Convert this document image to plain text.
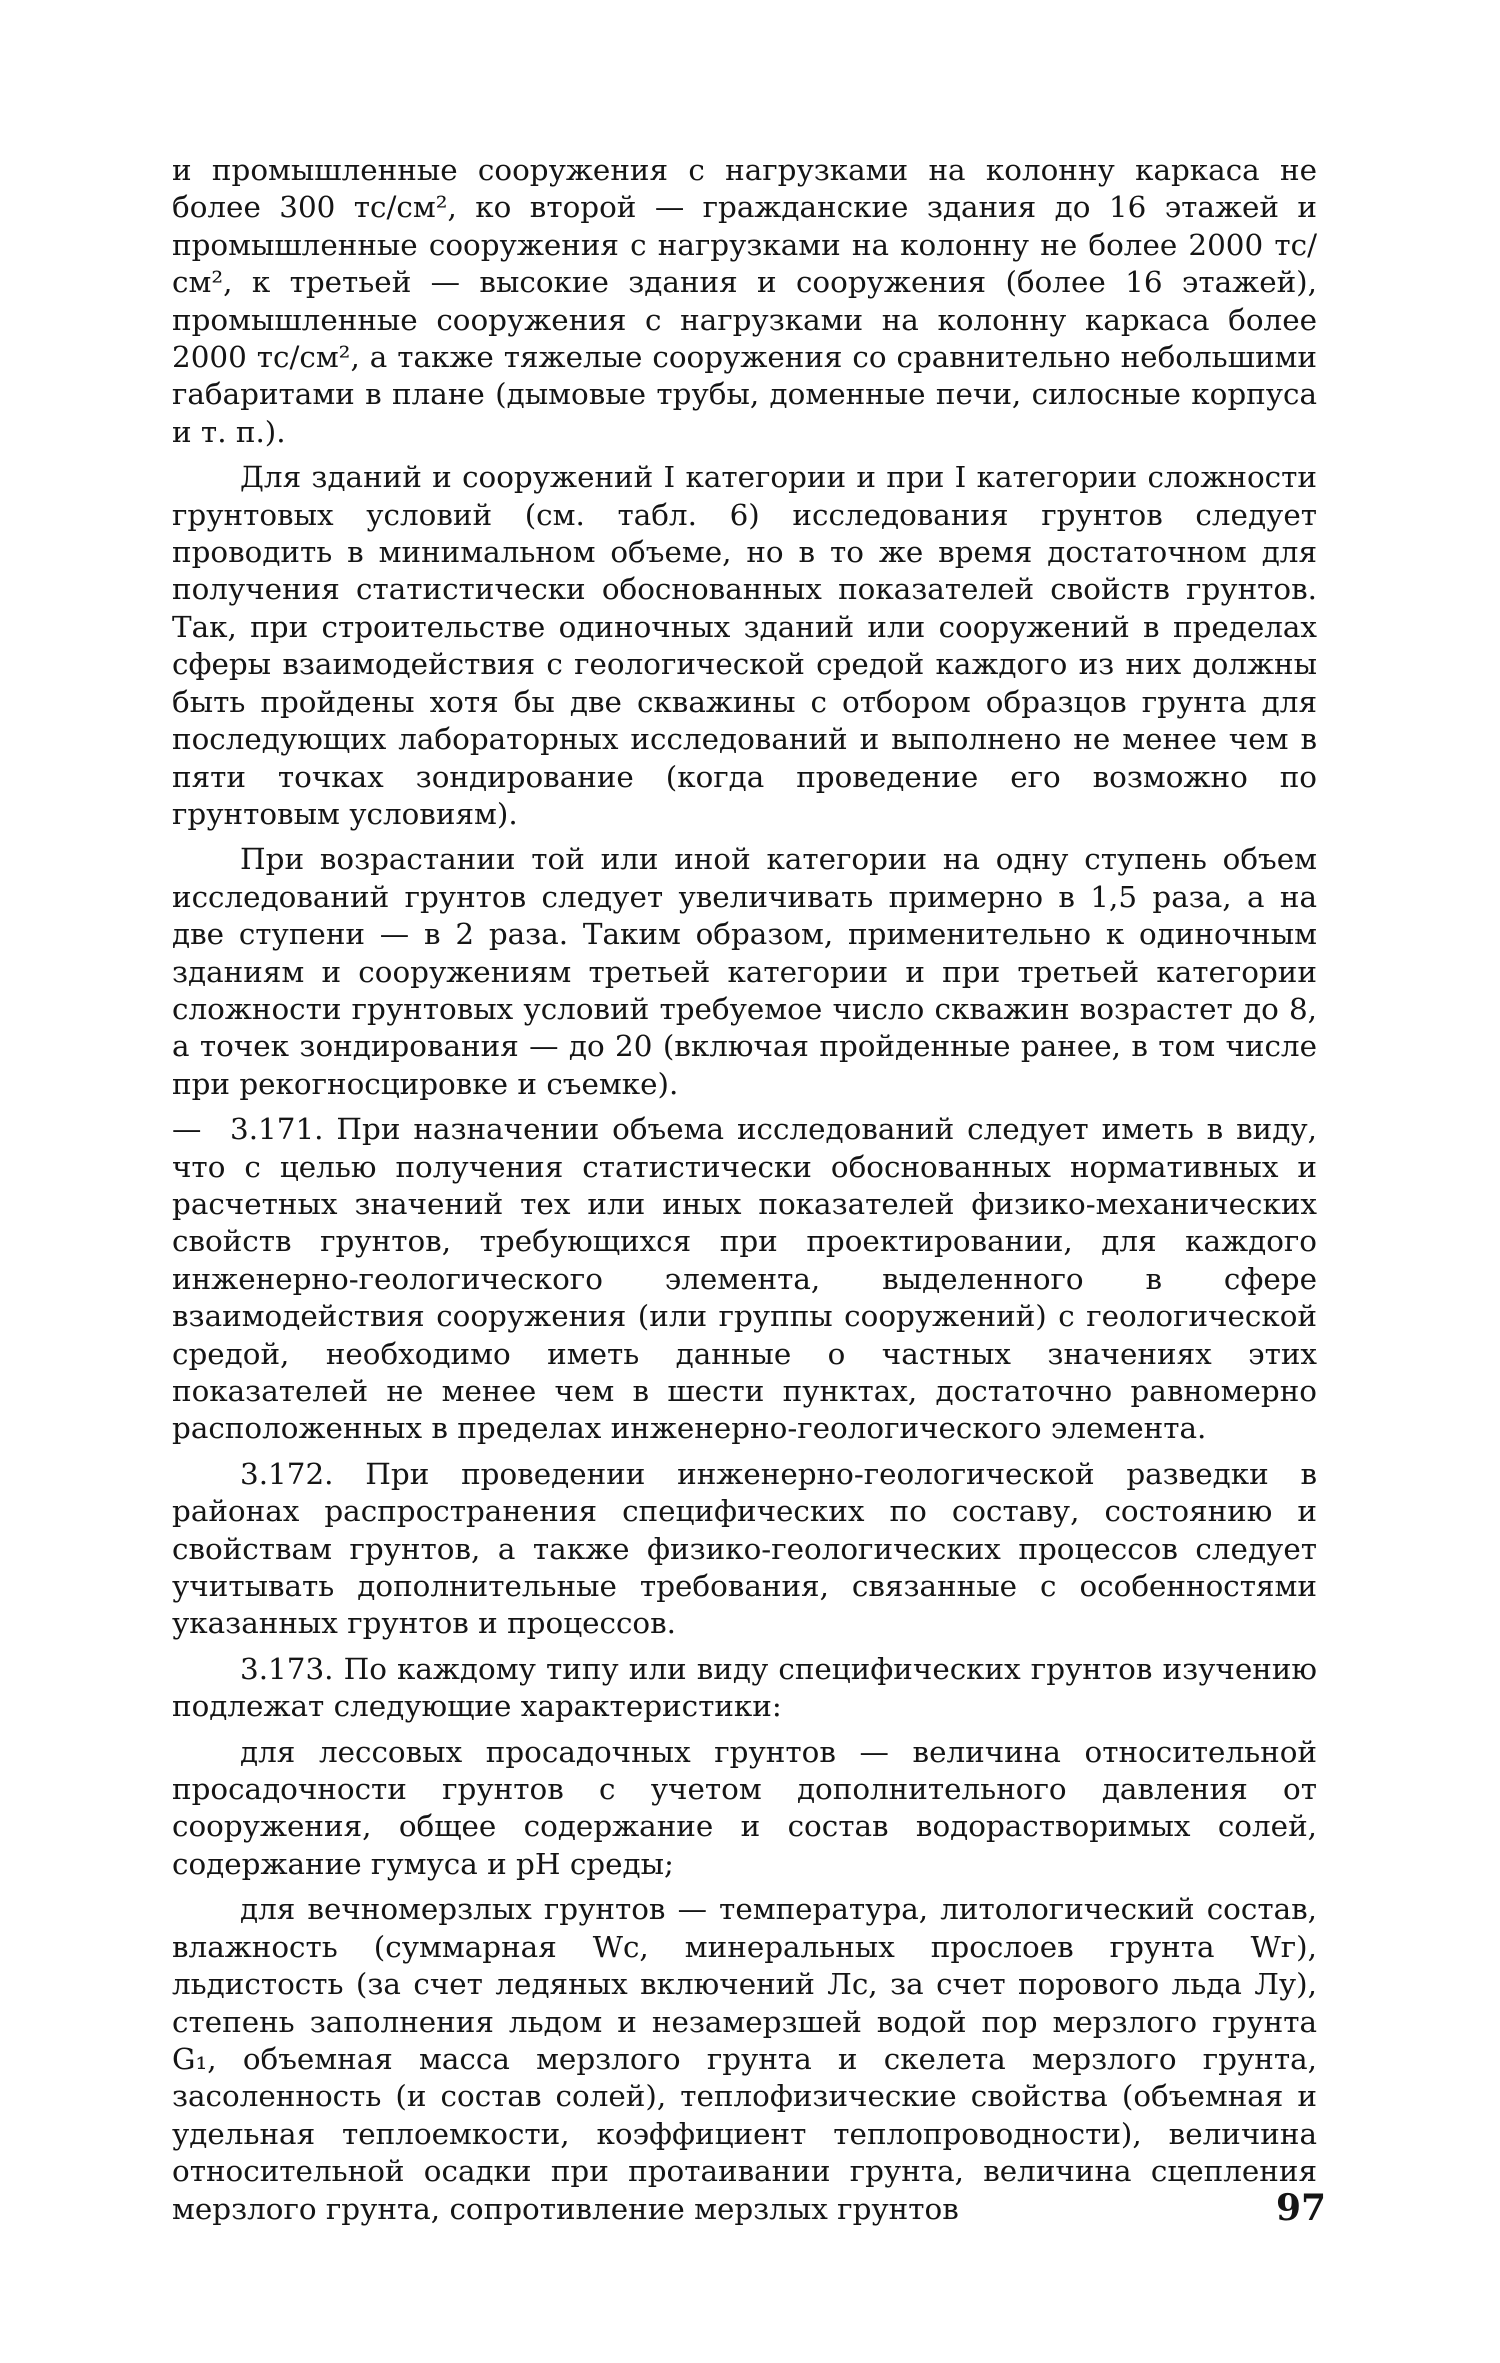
и промышленные сооружения с нагрузками на колонну каркаса не более 300 тс/см², ко второй — гражданские здания до 16 этажей и промышленные сооружения с нагрузками на колонну не более 2000 тс/см², к третьей — высокие здания и сооружения (более 16 этажей), промышленные сооружения с нагрузками на колонну каркаса более 2000 тс/см², а также тяжелые сооружения со сравнительно небольшими габаритами в плане (дымовые трубы, доменные печи, силосные корпуса и т. п.).

Для зданий и сооружений I категории и при I категории сложности грунтовых условий (см. табл. 6) исследования грунтов следует проводить в минимальном объеме, но в то же время достаточном для получения статистически обоснованных показателей свойств грунтов. Так, при строительстве одиночных зданий или сооружений в пределах сферы взаимодействия с геологической средой каждого из них должны быть пройдены хотя бы две скважины с отбором образцов грунта для последующих лабораторных исследований и выполнено не менее чем в пяти точках зондирование (когда проведение его возможно по грунтовым условиям).

При возрастании той или иной категории на одну ступень объем исследований грунтов следует увеличивать примерно в 1,5 раза, а на две ступени — в 2 раза. Таким образом, применительно к одиночным зданиям и сооружениям третьей категории и при третьей категории сложности грунтовых условий требуемое число скважин возрастет до 8, а точек зондирования — до 20 (включая пройденные ранее, в том числе при рекогносцировке и съемке).

— 3.171. При назначении объема исследований следует иметь в виду, что с целью получения статистически обоснованных нормативных и расчетных значений тех или иных показателей физико-механических свойств грунтов, требующихся при проектировании, для каждого инженерно-геологического элемента, выделенного в сфере взаимодействия сооружения (или группы сооружений) с геологической средой, необходимо иметь данные о частных значениях этих показателей не менее чем в шести пунктах, достаточно равномерно расположенных в пределах инженерно-геологического элемента.

3.172. При проведении инженерно-геологической разведки в районах распространения специфических по составу, состоянию и свойствам грунтов, а также физико-геологических процессов следует учитывать дополнительные требования, связанные с особенностями указанных грунтов и процессов.

3.173. По каждому типу или виду специфических грунтов изучению подлежат следующие характеристики:

для лессовых просадочных грунтов — величина относительной просадочности грунтов с учетом дополнительного давления от сооружения, общее содержание и состав водорастворимых солей, содержание гумуса и pH среды;

для вечномерзлых грунтов — температура, литологический состав, влажность (суммарная Wс, минеральных прослоев грунта Wг), льдистость (за счет ледяных включений Лс, за счет порового льда Лу), степень заполнения льдом и незамерзшей водой пор мерзлого грунта G₁, объемная масса мерзлого грунта и скелета мерзлого грунта, засоленность (и состав солей), теплофизические свойства (объемная и удельная теплоемкости, коэффициент теплопроводности), величина относительной осадки при протаивании грунта, величина сцепления мерзлого грунта, сопротивление мерзлых грунтов	97
